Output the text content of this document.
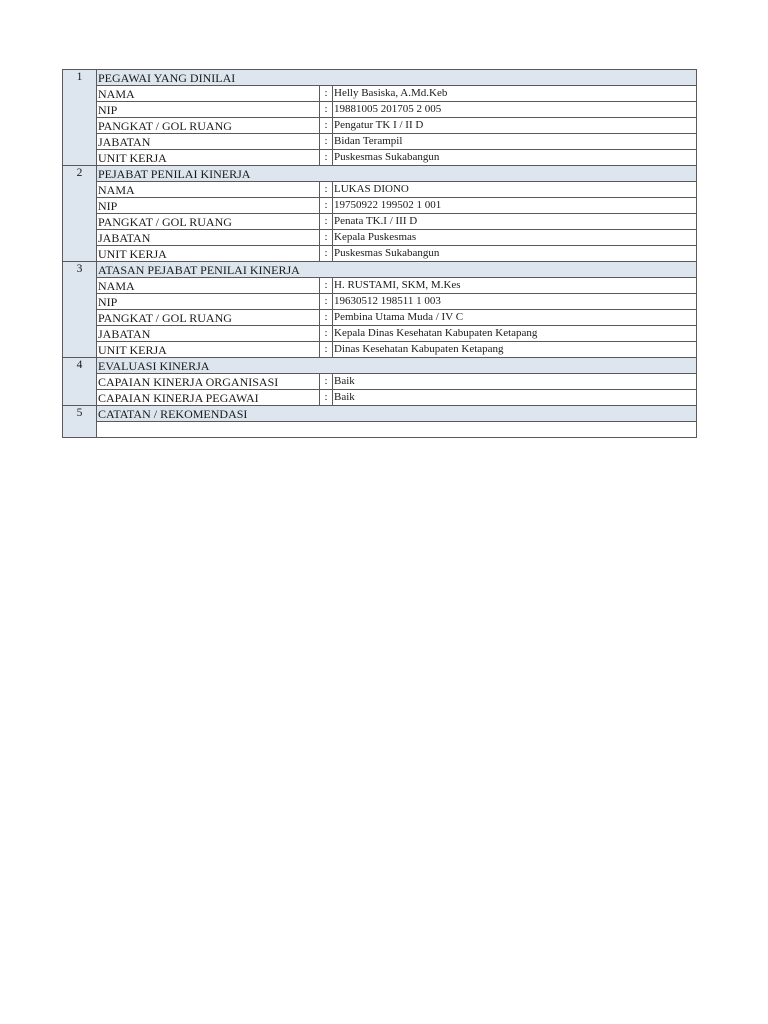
1	PEGAWAI YANG DINILAI		
	NAMA	:	Helly Basiska, A.Md.Keb
	NIP	:	19881005 201705 2 005
	PANGKAT / GOL RUANG	:	Pengatur TK I / II D
	JABATAN	:	Bidan Terampil
	UNIT KERJA	:	Puskesmas Sukabangun
2	PEJABAT PENILAI KINERJA		
	NAMA	:	LUKAS DIONO
	NIP	:	19750922 199502 1 001
	PANGKAT / GOL RUANG	:	Penata TK.I / III D
	JABATAN	:	Kepala Puskesmas
	UNIT KERJA	:	Puskesmas Sukabangun
3	ATASAN PEJABAT PENILAI KINERJA		
	NAMA	:	H. RUSTAMI, SKM, M.Kes
	NIP	:	19630512 198511 1 003
	PANGKAT / GOL RUANG	:	Pembina Utama Muda / IV C
	JABATAN	:	Kepala Dinas Kesehatan Kabupaten Ketapang
	UNIT KERJA	:	Dinas Kesehatan Kabupaten Ketapang
4	EVALUASI KINERJA		
	CAPAIAN KINERJA ORGANISASI	:	Baik
	CAPAIAN KINERJA PEGAWAI	:	Baik
5	CATATAN / REKOMENDASI		
